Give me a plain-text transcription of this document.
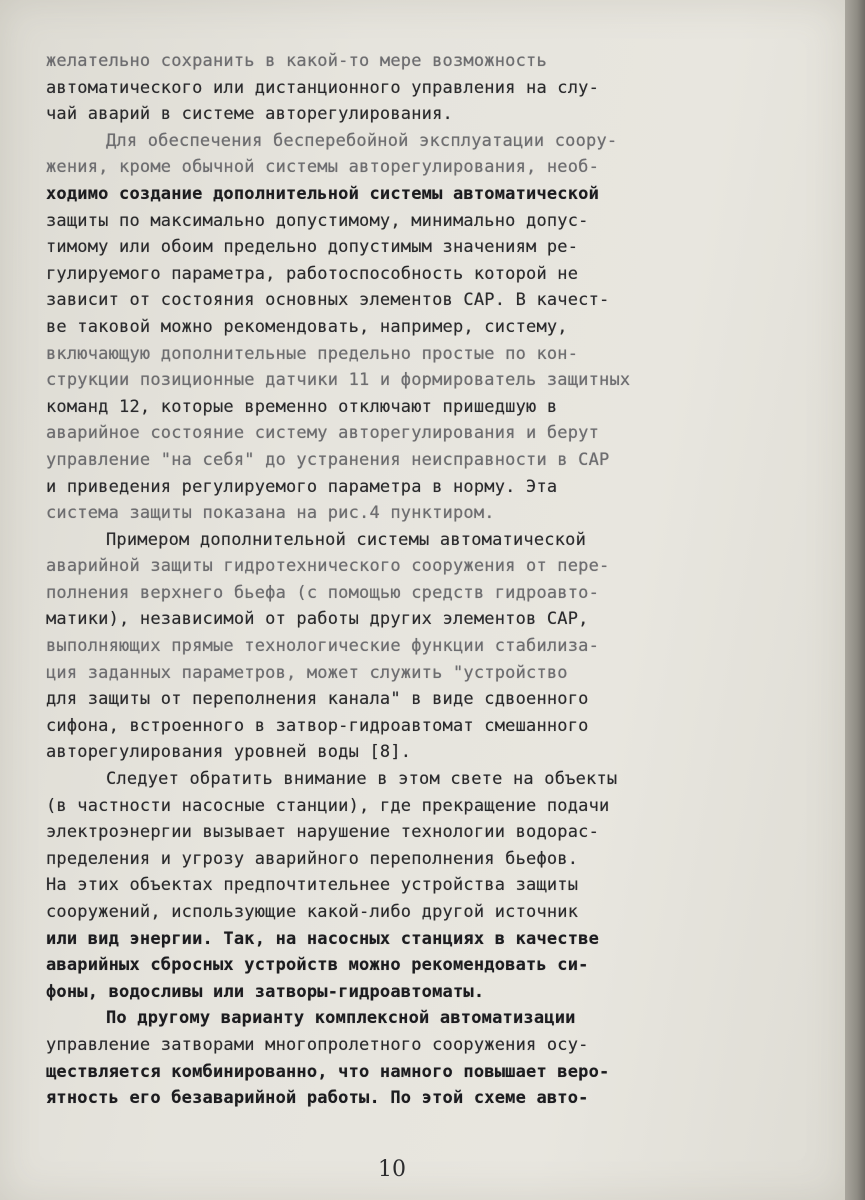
желательно сохранить в какой-то мере возможность
автоматического или дистанционного управления на слу-
чай аварий в системе авторегулирования.
Для обеспечения бесперебойной эксплуатации соору-
жения, кроме обычной системы авторегулирования, необ-
ходимо создание дополнительной системы автоматической
защиты по максимально допустимому, минимально допус-
тимому или обоим предельно допустимым значениям ре-
гулируемого параметра, работоспособность которой не
зависит от состояния основных элементов САР. В качест-
ве таковой можно рекомендовать, например, систему,
включающую дополнительные предельно простые по кон-
струкции позиционные датчики 11 и формирователь защитных
команд 12, которые временно отключают пришедшую в
аварийное состояние систему авторегулирования и берут
управление "на себя" до устранения неисправности в САР
и приведения регулируемого параметра в норму. Эта
система защиты показана на рис.4 пунктиром.
Примером дополнительной системы автоматической
аварийной защиты гидротехнического сооружения от пере-
полнения верхнего бьефа (с помощью средств гидроавто-
матики), независимой от работы других элементов САР,
выполняющих прямые технологические функции стабилиза-
ция заданных параметров, может служить "устройство
для защиты от переполнения канала" в виде сдвоенного
сифона, встроенного в затвор-гидроавтомат смешанного
авторегулирования уровней воды [8].
Следует обратить внимание в этом свете на объекты
(в частности насосные станции), где прекращение подачи
электроэнергии вызывает нарушение технологии водорас-
пределения и угрозу аварийного переполнения бьефов.
На этих объектах предпочтительнее устройства защиты
сооружений, использующие какой-либо другой источник
или вид энергии. Так, на насосных станциях в качестве
аварийных сбросных устройств можно рекомендовать си-
фоны, водосливы или затворы-гидроавтоматы.
По другому варианту комплексной автоматизации
управление затворами многопролетного сооружения осу-
ществляется комбинированно, что намного повышает веро-
ятность его безаварийной работы. По этой схеме авто-
10
